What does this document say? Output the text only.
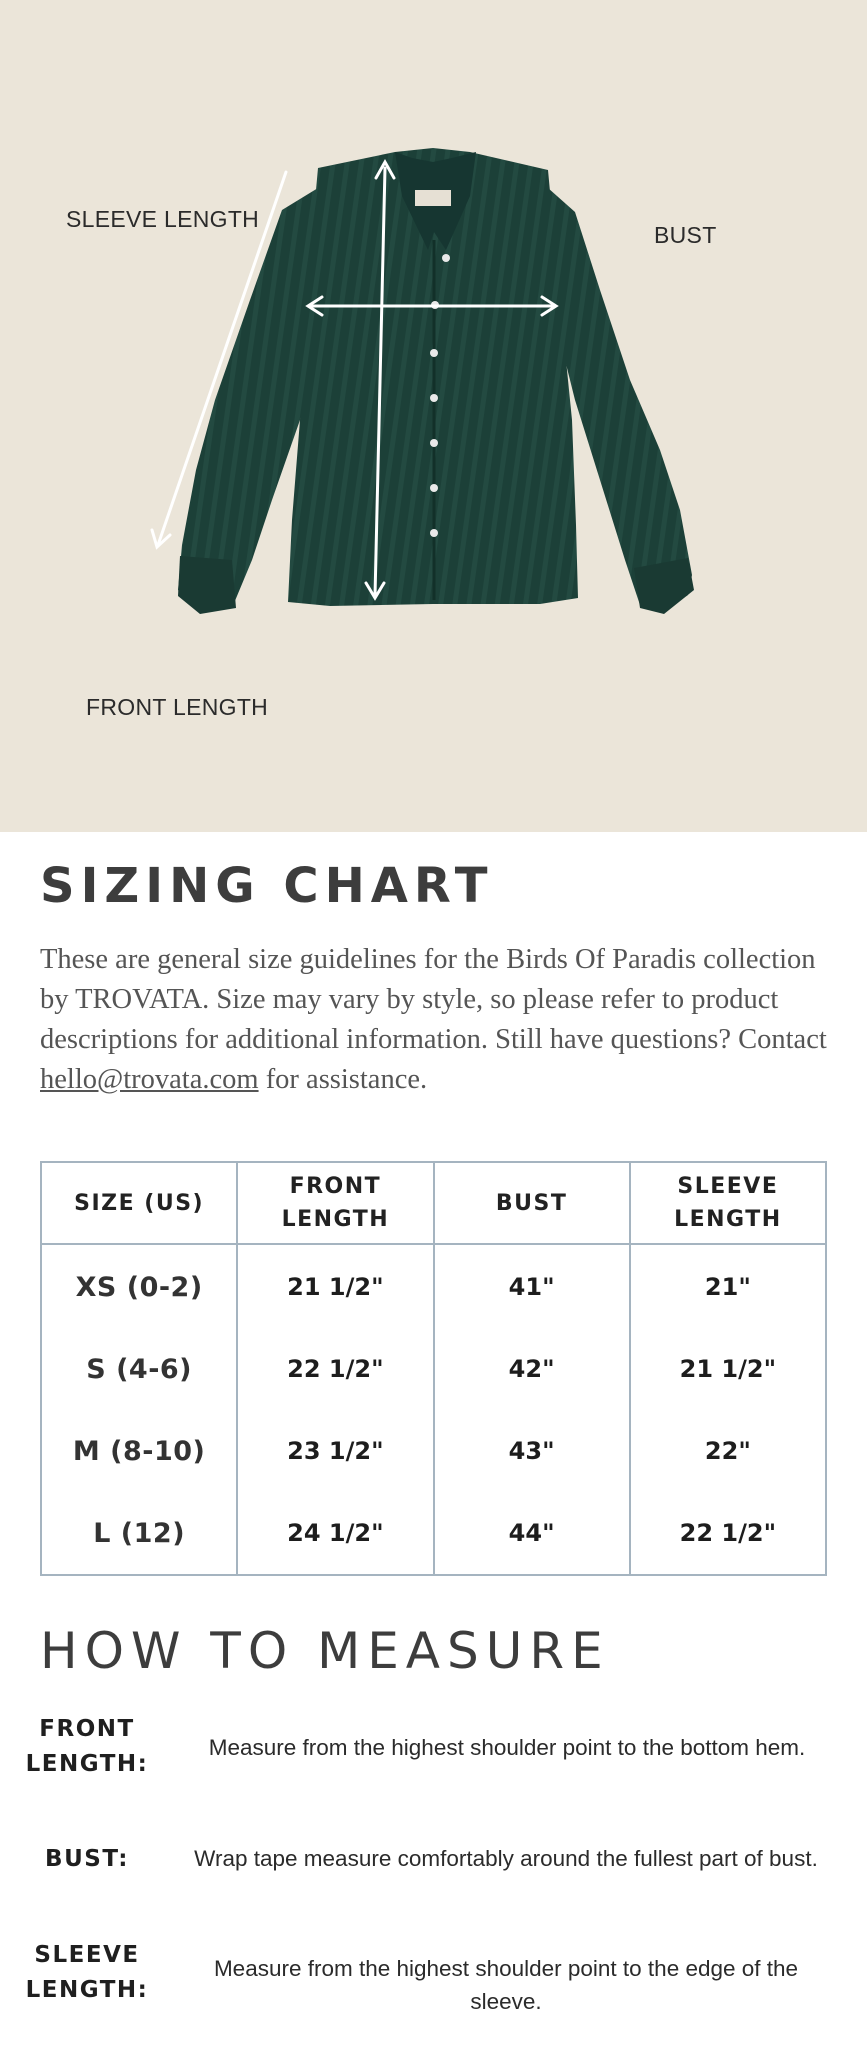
SLEEVE LENGTH
BUST
FRONT LENGTH
SIZING CHART

These are general size guidelines for the Birds Of Paradis collection by TROVATA. Size may vary by style, so please refer to product descriptions for additional information. Still have questions? Contact hello@trovata.com for assistance.

SIZE (US)	FRONT LENGTH	BUST	SLEEVE LENGTH
XS (0-2)	21 1/2"	41"	21"
S (4-6)	22 1/2"	42"	21 1/2"
M (8-10)	23 1/2"	43"	22"
L (12)	24 1/2"	44"	22 1/2"
HOW TO MEASURE
FRONT LENGTH:
Measure from the highest shoulder point to the bottom hem.
BUST:	Wrap tape measure comfortably around the fullest part of bust.
SLEEVE LENGTH:
Measure from the highest shoulder point to the edge of the sleeve.
